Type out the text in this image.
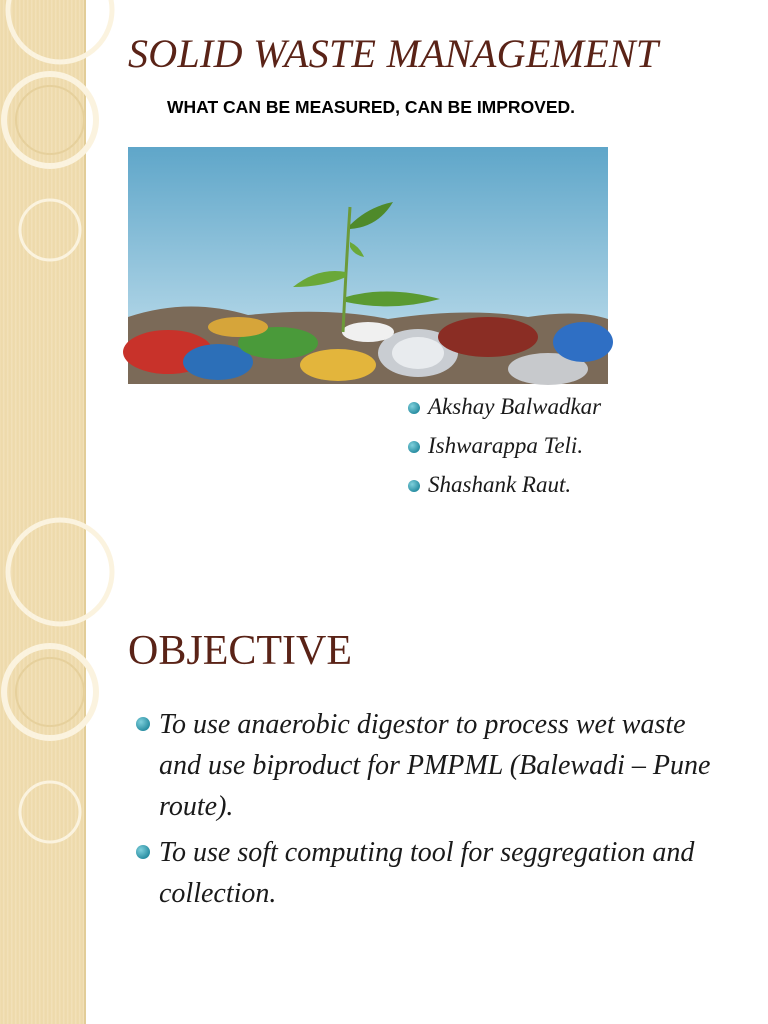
SOLID WASTE MANAGEMENT
WHAT CAN BE MEASURED, CAN BE IMPROVED.
Akshay Balwadkar
Ishwarappa Teli.
Shashank Raut.
OBJECTIVE
To use anaerobic digestor to process wet waste and use biproduct for PMPML (Balewadi – Pune route).
To use soft computing tool for seggregation and collection.
